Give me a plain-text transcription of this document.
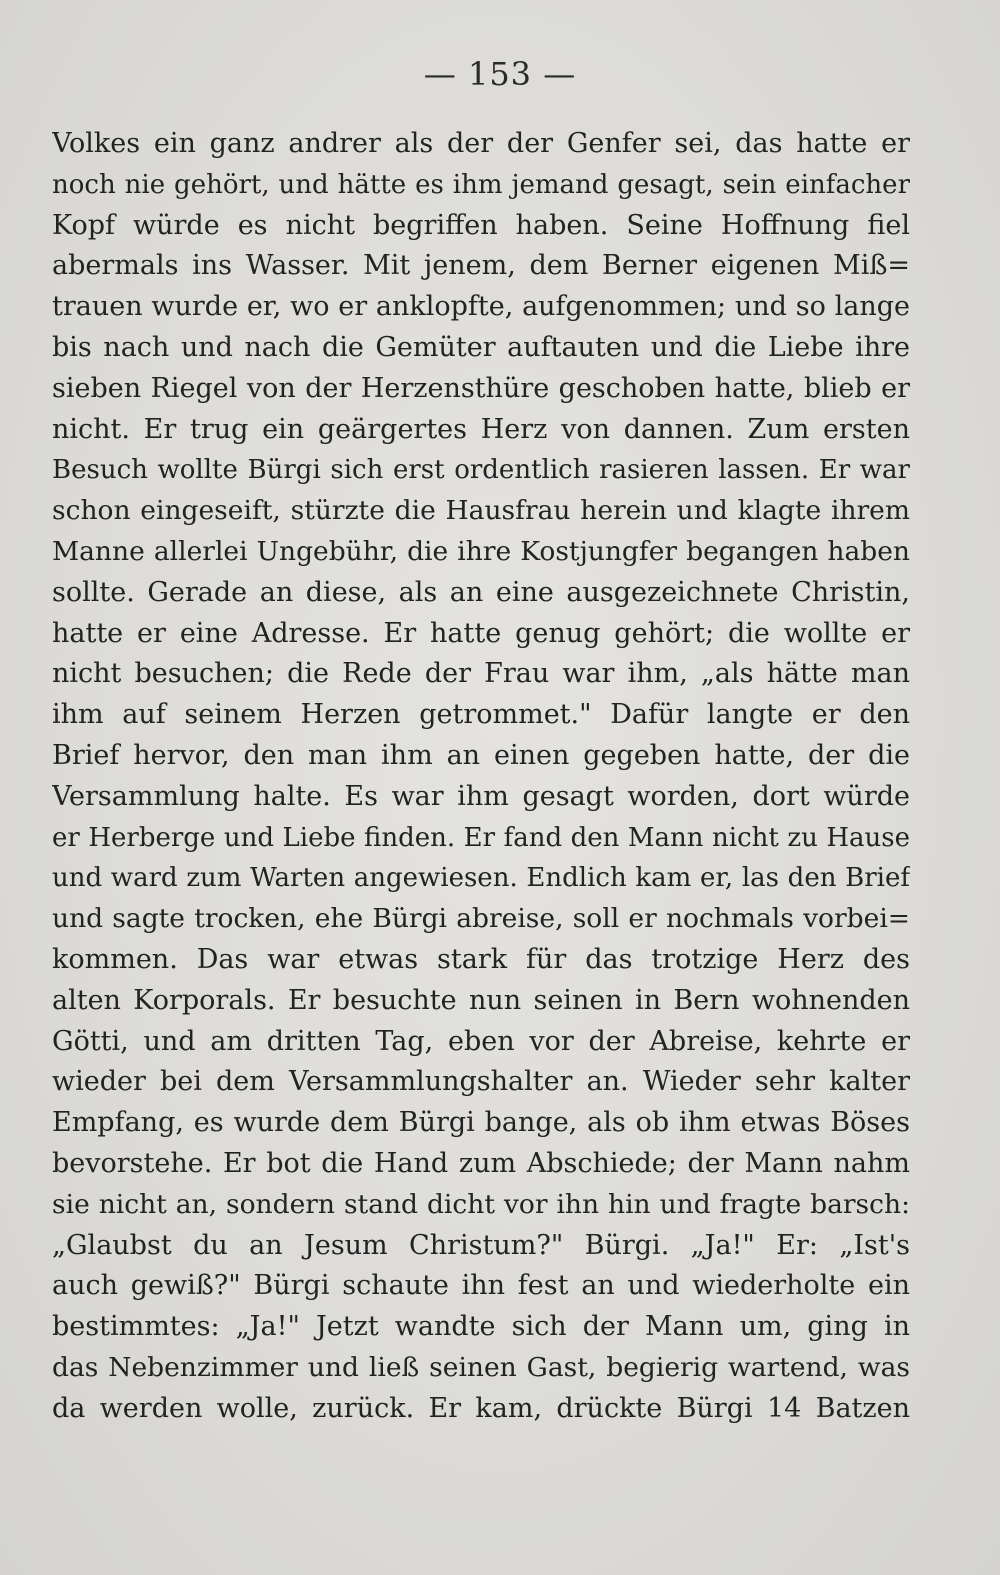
— 153 —
Volkes ein ganz andrer als der der Genfer sei, das hatte er
noch nie gehört, und hätte es ihm jemand gesagt, sein einfacher
Kopf würde es nicht begriffen haben. Seine Hoffnung fiel
abermals ins Wasser. Mit jenem, dem Berner eigenen Miß=
trauen wurde er, wo er anklopfte, aufgenommen; und so lange
bis nach und nach die Gemüter auftauten und die Liebe ihre
sieben Riegel von der Herzensthüre geschoben hatte, blieb er
nicht. Er trug ein geärgertes Herz von dannen. Zum ersten
Besuch wollte Bürgi sich erst ordentlich rasieren lassen. Er war
schon eingeseift, stürzte die Hausfrau herein und klagte ihrem
Manne allerlei Ungebühr, die ihre Kostjungfer begangen haben
sollte. Gerade an diese, als an eine ausgezeichnete Christin,
hatte er eine Adresse. Er hatte genug gehört; die wollte er
nicht besuchen; die Rede der Frau war ihm, „als hätte man
ihm auf seinem Herzen getrommet." Dafür langte er den
Brief hervor, den man ihm an einen gegeben hatte, der die
Versammlung halte. Es war ihm gesagt worden, dort würde
er Herberge und Liebe finden. Er fand den Mann nicht zu Hause
und ward zum Warten angewiesen. Endlich kam er, las den Brief
und sagte trocken, ehe Bürgi abreise, soll er nochmals vorbei=
kommen. Das war etwas stark für das trotzige Herz des
alten Korporals. Er besuchte nun seinen in Bern wohnenden
Götti, und am dritten Tag, eben vor der Abreise, kehrte er
wieder bei dem Versammlungshalter an. Wieder sehr kalter
Empfang, es wurde dem Bürgi bange, als ob ihm etwas Böses
bevorstehe. Er bot die Hand zum Abschiede; der Mann nahm
sie nicht an, sondern stand dicht vor ihn hin und fragte barsch:
„Glaubst du an Jesum Christum?" Bürgi. „Ja!" Er: „Ist's
auch gewiß?" Bürgi schaute ihn fest an und wiederholte ein
bestimmtes: „Ja!" Jetzt wandte sich der Mann um, ging in
das Nebenzimmer und ließ seinen Gast, begierig wartend, was
da werden wolle, zurück. Er kam, drückte Bürgi 14 Batzen
